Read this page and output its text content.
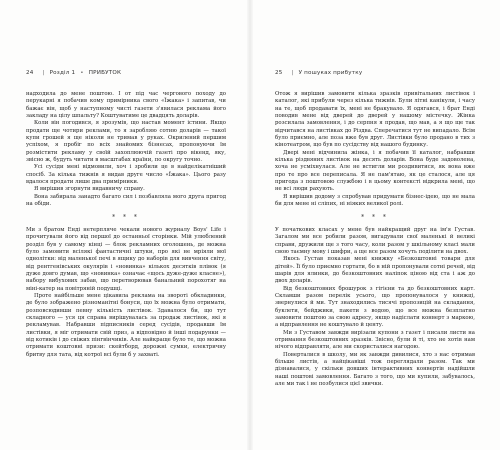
24 | Розділ 1 • ПРИБУТОК

надходила до мене поштою. І от під час чергового походу до перукарні я побачив кому примірника свого «Їжака» і запитав, чи бажає він, щоб у наступному чисті газети з'явилася реклама його закладу на цілу шпальту? Коштуватиме це двадцять доларів.

Коли він погодився, я зрозумів, що настав момент істини. Якщо продати ще чотири реклами, то я заробляю сотню доларів — такої купи грошей я ще ніколи не тримав у руках. Окрилений першим успіхом, я пробіг по всіх знайомих бізнесах, пропонуючи їм розмістити рекламу у своїй захоплюючій газеті про вікенд, яку, звісно ж, будуть читати в масштабах країни, по округу точно.

Усі сусіди мені відмовили, хоч і зробили це в найделікатніший спосіб. За кілька тижнів я видав друге число «Їжака». Цього разу вдалося продати лише два примірники.

Я вирішив згорнути видавничу справу.

Вона забирала занадто багато сил і позбавляла мого друга пригод на обіди.

* * *

Ми з братом Енді нетерпляче чекали нового журналу Boys' Life і прочитували його від першої до останньої сторінки. Мій улюблений розділ був у самому кінці — блок рекламних оголошень, де можна було замовити всілякі фантастичні штуки, про які не мріяли мої однолітки: від маленької печі в ящику до наборів для вивчення світу, від рентгенівських окулярів і «новинка» кількох десятків плівок (я дуже довго думав, що «новинка» означає «щось дуже-дуже класне»), набору вибухових забав, що перетворював банальний порохотяг на міні-катер на повітряній подушці.

Проте найбільше мене цікавила реклама на звороті обкладинки, де було зображено різноманітні бонуси, що їх можна було отримати, розповсюдивши певну кількість листівок. Здавалося би, що тут складного — уся ця справа вирішувалась за продаж листівок, які я рекламував. Набравши підписників серед сусідів, продавши їм листівки, я міг отримати свій приз, а відповідно й інші подарунки — від котиків і до свіжих пінгвінчиків. Але найкраще було те, що можна отримати коштовні призи: скейтборд, дорожні сумки, електричну бритву для тата, від котрої всі були б у захваті.

25 | У пошуках прибутку

Отож я вирішив замовити кілька зразків привітальних листівок і каталог, які прибули через кілька тижнів. Були літні канікули, і часу на те, щоб продавати їх, мені не бракувало. Я одягався, і брат Енді поводив мене від дверей до дверей у нашому містечку. Жінка розсилала замовлення, і до серпня я продав, що мав, а я що ще так відчитався на листівках до Різдва. Сперечатися тут не випадало. Всім було приємно, але поза вже був друг. Листівки було продано в тих з кінотеатром, що був по сусідству від нашого будинку.

Двері мені відчинила жінка, і я побачив її каталог, набравши кілька різдвяних листівок на десять доларів. Вона буде задоволена, хоча не усміхнулася. Але не встигли ми роздивитися, як вона вже про те про все переписала. Я не пам'ятаю, як це сталося, але ця пригода з поштовою службою і в цьому контексті відкрила мені, що не всі люди рахують.

Я вирішив додому з спробував придумати бізнес-ідею, що не мала би для мене ні сліпих, ні ніяких великої ролі.

* * *

У початкових класах у мене був найкращий друг на ім'я Густав. Загалом ми все робили разом, вигадували свої маленькі й великі справи, дружили ще з того часу, коли разом у шкільному класі мали свою таємну мову і шифри, а ще все разом хочуть поділити на двох.

Якось Густав показав мені книжку «Безкоштовні товари для дітей». Її було приємно гортати, бо в ній пропонували сотні речей, від шарів для ялинки, до безкоштовних наліпок ціною від ста і аж до двох доларів.

Від безкоштовних брошурок з гігієни та до безкоштовних карт. Склавши разом перелік усього, що пропонувалося у книжці, звернулися й ми. Тут знаходились тисячі пропозицій на складання, буклети, бейджики, пакети з водою, що все можна безплатно замовити поштою за свою адресу, якщо надіслати конверт з маркою, а відправлення не коштувало й центу.

Ми з Густавом завжди вирізали купони з газет і писали листи на отримання безкоштовних зразків. Звісно, були й ті, хто не хотів нам нічого відправляти, але ми скористалися нагодою.

Поверталися в школу, ми як завжди дивилися, хто з нас отримав більше листів, а найцікавіші тож переглядали разом. Так ми дізнавалися, у скільки довших інтерактивних конвертів надійшли наші поштові замовлення. Багато з того, що ми купили, забувалось, але ми так і не позбулися цієї звички.
